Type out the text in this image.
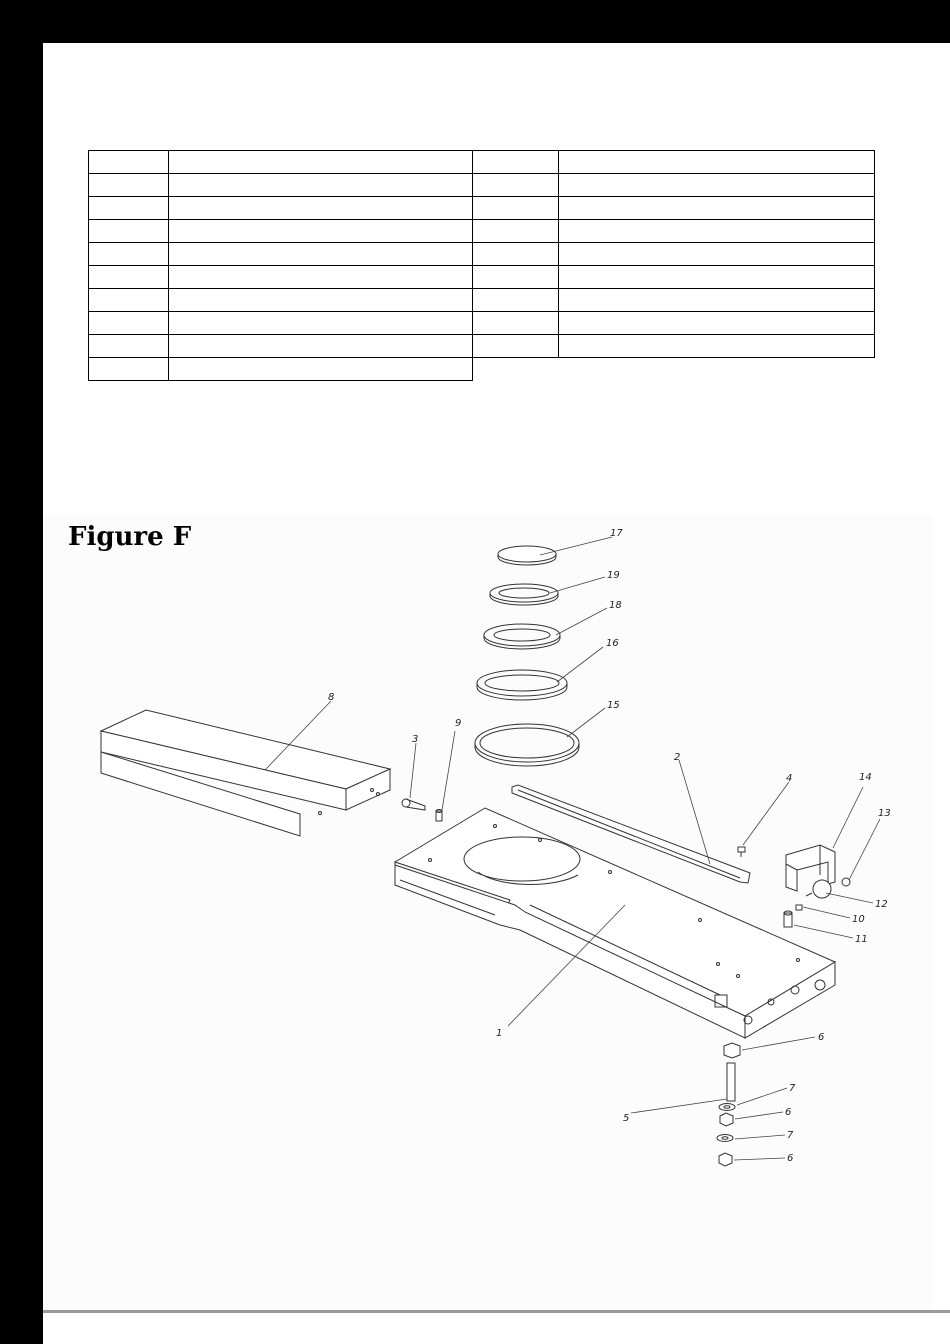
Figure F	17
19
18
16
15
8
3
9
2
4	14
13
12
10
11
1	6
5
7
6
7
6
